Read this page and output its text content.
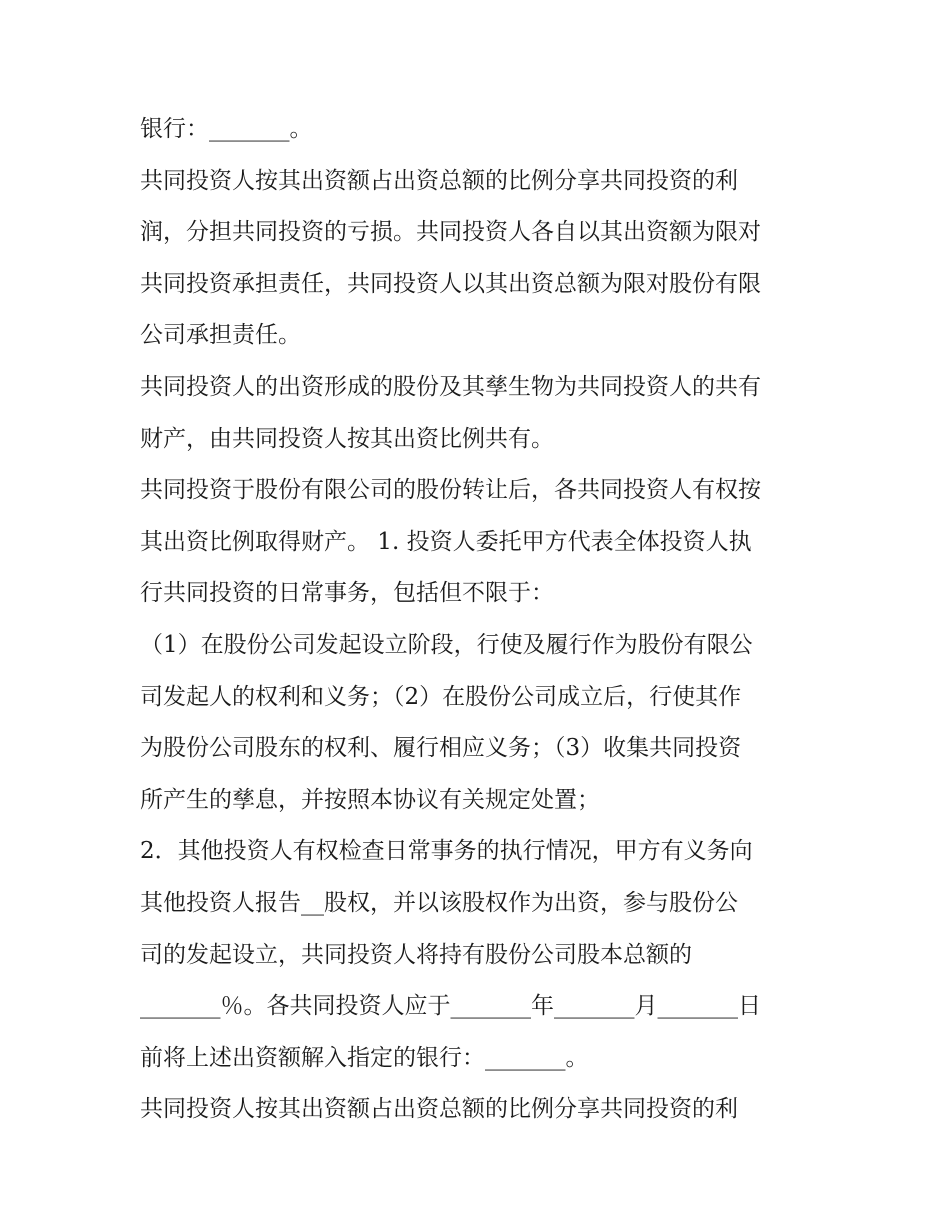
银行：_______。
共同投资人按其出资额占出资总额的比例分享共同投资的利
润，分担共同投资的亏损。共同投资人各自以其出资额为限对
共同投资承担责任，共同投资人以其出资总额为限对股份有限
公司承担责任。
共同投资人的出资形成的股份及其孳生物为共同投资人的共有
财产，由共同投资人按其出资比例共有。
共同投资于股份有限公司的股份转让后，各共同投资人有权按
其出资比例取得财产。 1. 投资人委托甲方代表全体投资人执
行共同投资的日常事务，包括但不限于：
（1）在股份公司发起设立阶段，行使及履行作为股份有限公
司发起人的权利和义务；（2）在股份公司成立后，行使其作
为股份公司股东的权利、履行相应义务；（3）收集共同投资
所产生的孳息，并按照本协议有关规定处置；
2．其他投资人有权检查日常事务的执行情况，甲方有义务向
其他投资人报告__股权，并以该股权作为出资，参与股份公
司的发起设立，共同投资人将持有股份公司股本总额的
_______％。各共同投资人应于_______年_______月_______日
前将上述出资额解入指定的银行：_______。
共同投资人按其出资额占出资总额的比例分享共同投资的利
